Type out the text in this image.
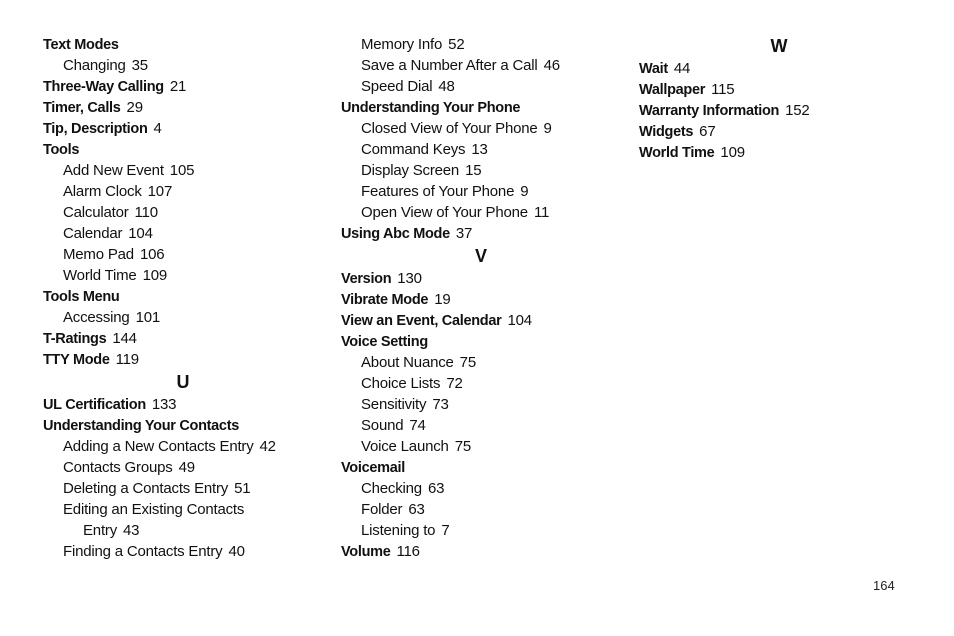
Text Modes
Changing 35
Three-Way Calling 21
Timer, Calls 29
Tip, Description 4
Tools
Add New Event 105
Alarm Clock 107
Calculator 110
Calendar 104
Memo Pad 106
World Time 109
Tools Menu
Accessing 101
T-Ratings 144
TTY Mode 119
U
UL Certification 133
Understanding Your Contacts
Adding a New Contacts Entry 42
Contacts Groups 49
Deleting a Contacts Entry 51
Editing an Existing Contacts
Entry 43
Finding a Contacts Entry 40
Memory Info 52
Save a Number After a Call 46
Speed Dial 48
Understanding Your Phone
Closed View of Your Phone 9
Command Keys 13
Display Screen 15
Features of Your Phone 9
Open View of Your Phone 11
Using Abc Mode 37
V
Version 130
Vibrate Mode 19
View an Event, Calendar 104
Voice Setting
About Nuance 75
Choice Lists 72
Sensitivity 73
Sound 74
Voice Launch 75
Voicemail
Checking 63
Folder 63
Listening to 7
Volume 116
W
Wait 44
Wallpaper 115
Warranty Information 152
Widgets 67
World Time 109
164
